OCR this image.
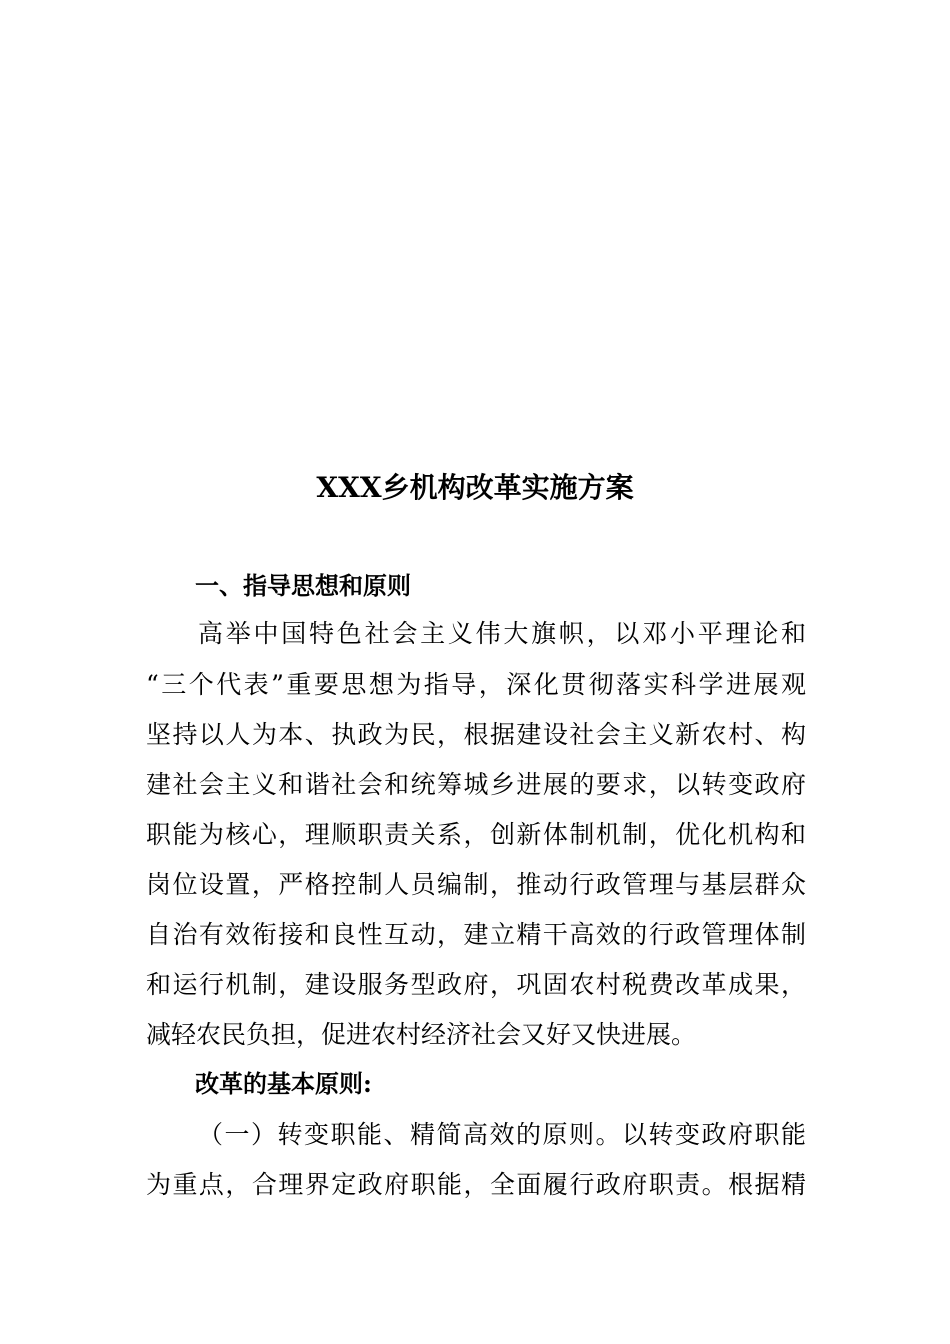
XXX乡机构改革实施方案
一、指导思想和原则
高举中国特色社会主义伟大旗帜，以邓小平理论和
“三个代表”重要思想为指导，深化贯彻落实科学进展观
坚持以人为本、执政为民，根据建设社会主义新农村、构
建社会主义和谐社会和统筹城乡进展的要求，以转变政府
职能为核心，理顺职责关系，创新体制机制，优化机构和
岗位设置，严格控制人员编制，推动行政管理与基层群众
自治有效衔接和良性互动，建立精干高效的行政管理体制
和运行机制，建设服务型政府，巩固农村税费改革成果，
减轻农民负担，促进农村经济社会又好又快进展。
改革的基本原则:
（一）转变职能、精简高效的原则。以转变政府职能
为重点，合理界定政府职能，全面履行政府职责。根据精
